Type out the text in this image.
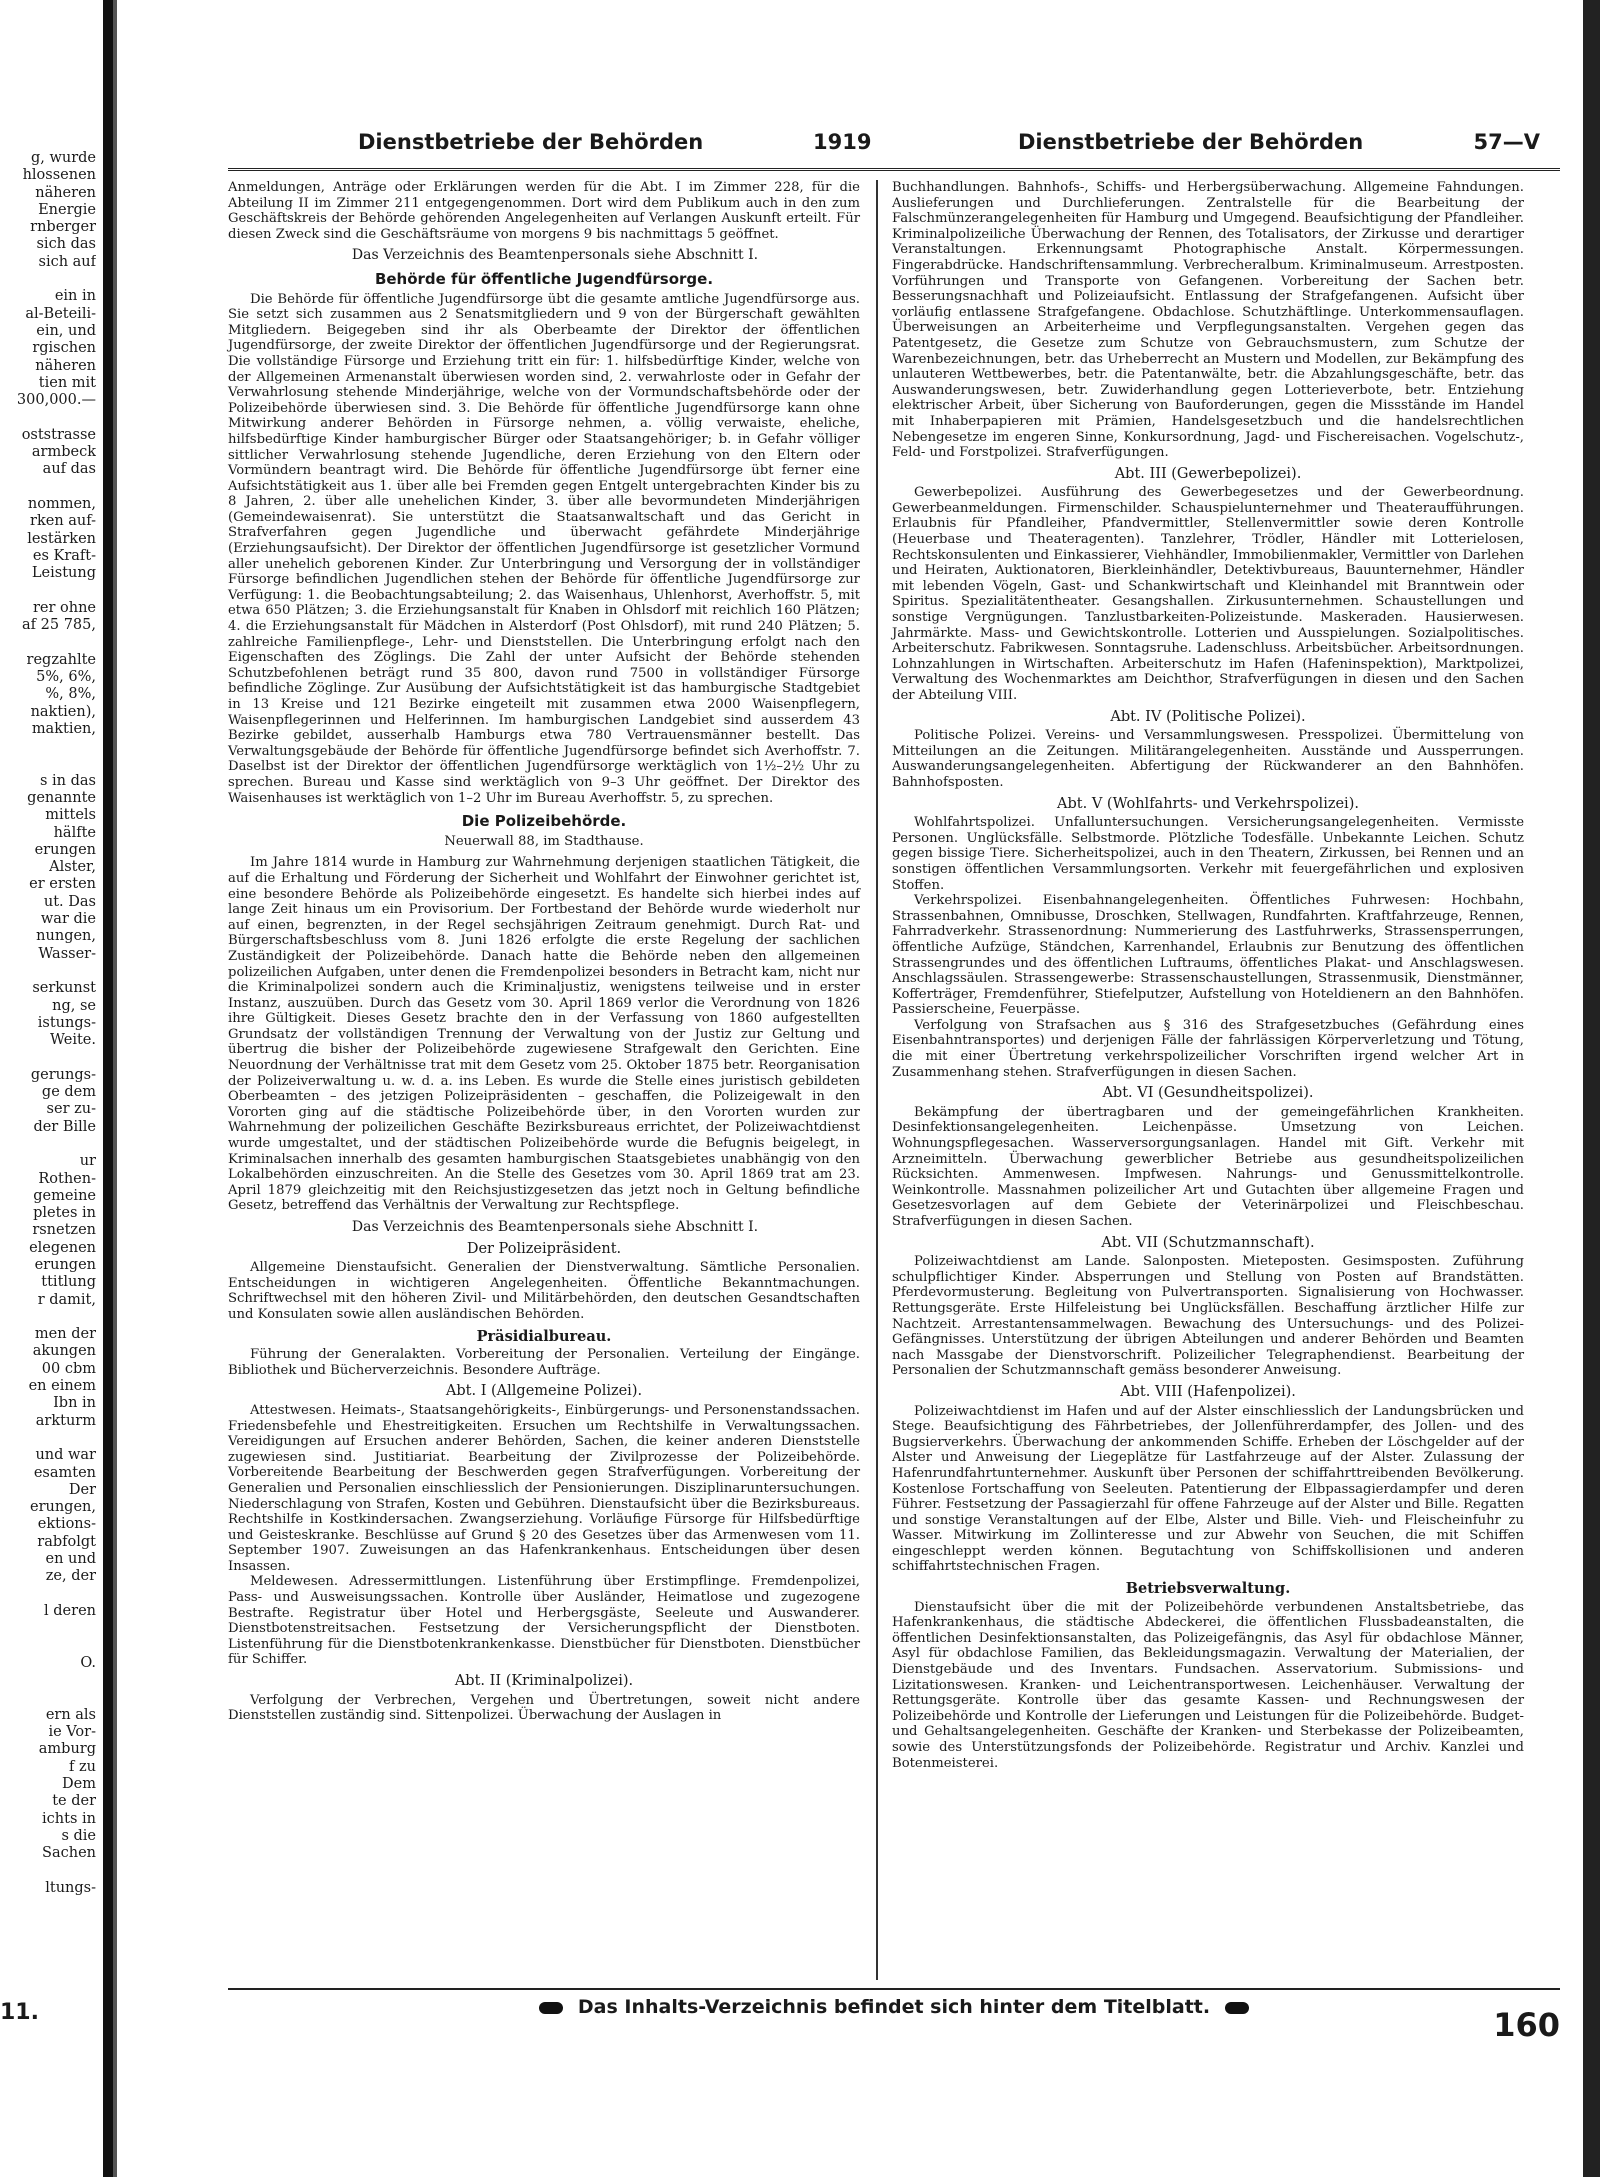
g, wurde
hlossenen
näheren
Energie
rnberger
sich das
sich auf

ein in
al-Beteili-
ein, und
rgischen
näheren
tien mit
300,000.—

oststrasse
armbeck
auf das

nommen,
rken auf-
lestärken
es Kraft-
Leistung

rer ohne
af 25 785,

regzahlte
5%, 6%,
%, 8%,
naktien),
maktien,

s in das
genannte
mittels
hälfte
erungen
Alster,
er ersten
ut. Das
war die
nungen,
Wasser-

serkunst
ng, se
istungs-
Weite.

gerungs-
ge dem
ser zu-
der Bille

ur
Rothen-
gemeine
pletes in
rsnetzen
elegenen
erungen
ttitlung
r damit,

men der
akungen
00 cbm
en einem
Ibn in
arkturm

und war
esamten
Der
erungen,
ektions-
rabfolgt
en und
ze, der

l deren

O.

ern als
ie Vor-
amburg
f zu
Dem
te der
ichts in
s die
Sachen

ltungs-
11.
Dienstbetriebe der Behörden	1919	Dienstbetriebe der Behörden	57—V

Anmeldungen, Anträge oder Erklärungen werden für die Abt. I im Zimmer 228, für die Abteilung II im Zimmer 211 entgegengenommen. Dort wird dem Publikum auch in den zum Geschäftskreis der Behörde gehörenden Angelegenheiten auf Verlangen Auskunft erteilt. Für diesen Zweck sind die Geschäftsräume von morgens 9 bis nachmittags 5 geöffnet.

Das Verzeichnis des Beamtenpersonals siehe Abschnitt I.

Behörde für öffentliche Jugendfürsorge.

Die Behörde für öffentliche Jugendfürsorge übt die gesamte amtliche Jugendfürsorge aus. Sie setzt sich zusammen aus 2 Senatsmitgliedern und 9 von der Bürgerschaft gewählten Mitgliedern. Beigegeben sind ihr als Oberbeamte der Direktor der öffentlichen Jugendfürsorge, der zweite Direktor der öffentlichen Jugendfürsorge und der Regierungsrat. Die vollständige Fürsorge und Erziehung tritt ein für: 1. hilfsbedürftige Kinder, welche von der Allgemeinen Armenanstalt überwiesen worden sind, 2. verwahrloste oder in Gefahr der Verwahrlosung stehende Minderjährige, welche von der Vormundschaftsbehörde oder der Polizeibehörde überwiesen sind. 3. Die Behörde für öffentliche Jugendfürsorge kann ohne Mitwirkung anderer Behörden in Fürsorge nehmen, a. völlig verwaiste, eheliche, hilfsbedürftige Kinder hamburgischer Bürger oder Staatsangehöriger; b. in Gefahr völliger sittlicher Verwahrlosung stehende Jugendliche, deren Erziehung von den Eltern oder Vormündern beantragt wird. Die Behörde für öffentliche Jugendfürsorge übt ferner eine Aufsichtstätigkeit aus 1. über alle bei Fremden gegen Entgelt untergebrachten Kinder bis zu 8 Jahren, 2. über alle unehelichen Kinder, 3. über alle bevormundeten Minderjährigen (Gemeindewaisenrat). Sie unterstützt die Staatsanwaltschaft und das Gericht in Strafverfahren gegen Jugendliche und überwacht gefährdete Minderjährige (Erziehungsaufsicht). Der Direktor der öffentlichen Jugendfürsorge ist gesetzlicher Vormund aller unehelich geborenen Kinder. Zur Unterbringung und Versorgung der in vollständiger Fürsorge befindlichen Jugendlichen stehen der Behörde für öffentliche Jugendfürsorge zur Verfügung: 1. die Beobachtungsabteilung; 2. das Waisenhaus, Uhlenhorst, Averhoffstr. 5, mit etwa 650 Plätzen; 3. die Erziehungsanstalt für Knaben in Ohlsdorf mit reichlich 160 Plätzen; 4. die Erziehungsanstalt für Mädchen in Alsterdorf (Post Ohlsdorf), mit rund 240 Plätzen; 5. zahlreiche Familienpflege-, Lehr- und Dienststellen. Die Unterbringung erfolgt nach den Eigenschaften des Zöglings. Die Zahl der unter Aufsicht der Behörde stehenden Schutzbefohlenen beträgt rund 35 800, davon rund 7500 in vollständiger Fürsorge befindliche Zöglinge. Zur Ausübung der Aufsichtstätigkeit ist das hamburgische Stadtgebiet in 13 Kreise und 121 Bezirke eingeteilt mit zusammen etwa 2000 Waisenpflegern, Waisenpflegerinnen und Helferinnen. Im hamburgischen Landgebiet sind ausserdem 43 Bezirke gebildet, ausserhalb Hamburgs etwa 780 Vertrauensmänner bestellt. Das Verwaltungsgebäude der Behörde für öffentliche Jugendfürsorge befindet sich Averhoffstr. 7. Daselbst ist der Direktor der öffentlichen Jugendfürsorge werktäglich von 1½–2½ Uhr zu sprechen. Bureau und Kasse sind werktäglich von 9–3 Uhr geöffnet. Der Direktor des Waisenhauses ist werktäglich von 1–2 Uhr im Bureau Averhoffstr. 5, zu sprechen.

Die Polizeibehörde.

Neuerwall 88, im Stadthause.

Im Jahre 1814 wurde in Hamburg zur Wahrnehmung derjenigen staatlichen Tätigkeit, die auf die Erhaltung und Förderung der Sicherheit und Wohlfahrt der Einwohner gerichtet ist, eine besondere Behörde als Polizeibehörde eingesetzt. Es handelte sich hierbei indes auf lange Zeit hinaus um ein Provisorium. Der Fortbestand der Behörde wurde wiederholt nur auf einen, begrenzten, in der Regel sechsjährigen Zeitraum genehmigt. Durch Rat- und Bürgerschaftsbeschluss vom 8. Juni 1826 erfolgte die erste Regelung der sachlichen Zuständigkeit der Polizeibehörde. Danach hatte die Behörde neben den allgemeinen polizeilichen Aufgaben, unter denen die Fremdenpolizei besonders in Betracht kam, nicht nur die Kriminalpolizei sondern auch die Kriminaljustiz, wenigstens teilweise und in erster Instanz, auszuüben. Durch das Gesetz vom 30. April 1869 verlor die Verordnung von 1826 ihre Gültigkeit. Dieses Gesetz brachte den in der Verfassung von 1860 aufgestellten Grundsatz der vollständigen Trennung der Verwaltung von der Justiz zur Geltung und übertrug die bisher der Polizeibehörde zugewiesene Strafgewalt den Gerichten. Eine Neuordnung der Verhältnisse trat mit dem Gesetz vom 25. Oktober 1875 betr. Reorganisation der Polizeiverwaltung u. w. d. a. ins Leben. Es wurde die Stelle eines juristisch gebildeten Oberbeamten – des jetzigen Polizeipräsidenten – geschaffen, die Polizeigewalt in den Vororten ging auf die städtische Polizeibehörde über, in den Vororten wurden zur Wahrnehmung der polizeilichen Geschäfte Bezirksbureaus errichtet, der Polizeiwachtdienst wurde umgestaltet, und der städtischen Polizeibehörde wurde die Befugnis beigelegt, in Kriminalsachen innerhalb des gesamten hamburgischen Staatsgebietes unabhängig von den Lokalbehörden einzuschreiten. An die Stelle des Gesetzes vom 30. April 1869 trat am 23. April 1879 gleichzeitig mit den Reichsjustizgesetzen das jetzt noch in Geltung befindliche Gesetz, betreffend das Verhältnis der Verwaltung zur Rechtspflege.

Das Verzeichnis des Beamtenpersonals siehe Abschnitt I.

Der Polizeipräsident.

Allgemeine Dienstaufsicht. Generalien der Dienstverwaltung. Sämtliche Personalien. Entscheidungen in wichtigeren Angelegenheiten. Öffentliche Bekanntmachungen. Schriftwechsel mit den höheren Zivil- und Militärbehörden, den deutschen Gesandtschaften und Konsulaten sowie allen ausländischen Behörden.

Präsidialbureau.

Führung der Generalakten. Vorbereitung der Personalien. Verteilung der Eingänge. Bibliothek und Bücherverzeichnis. Besondere Aufträge.

Abt. I (Allgemeine Polizei).

Attestwesen. Heimats-, Staatsangehörigkeits-, Einbürgerungs- und Personenstandssachen. Friedensbefehle und Ehestreitigkeiten. Ersuchen um Rechtshilfe in Verwaltungssachen. Vereidigungen auf Ersuchen anderer Behörden, Sachen, die keiner anderen Dienststelle zugewiesen sind. Justitiariat. Bearbeitung der Zivilprozesse der Polizeibehörde. Vorbereitende Bearbeitung der Beschwerden gegen Strafverfügungen. Vorbereitung der Generalien und Personalien einschliesslich der Pensionierungen. Disziplinaruntersuchungen. Niederschlagung von Strafen, Kosten und Gebühren. Dienstaufsicht über die Bezirksbureaus. Rechtshilfe in Kostkindersachen. Zwangserziehung. Vorläufige Fürsorge für Hilfsbedürftige und Geisteskranke. Beschlüsse auf Grund § 20 des Gesetzes über das Armenwesen vom 11. September 1907. Zuweisungen an das Hafenkrankenhaus. Entscheidungen über desen Insassen.

Meldewesen. Adressermittlungen. Listenführung über Erstimpflinge. Fremdenpolizei, Pass- und Ausweisungssachen. Kontrolle über Ausländer, Heimatlose und zugezogene Bestrafte. Registratur über Hotel und Herbergsgäste, Seeleute und Auswanderer. Dienstbotenstreitsachen. Festsetzung der Versicherungspflicht der Dienstboten. Listenführung für die Dienstbotenkrankenkasse. Dienstbücher für Dienstboten. Dienstbücher für Schiffer.

Abt. II (Kriminalpolizei).

Verfolgung der Verbrechen, Vergehen und Übertretungen, soweit nicht andere Dienststellen zuständig sind. Sittenpolizei. Überwachung der Auslagen in

Buchhandlungen. Bahnhofs-, Schiffs- und Herbergsüberwachung. Allgemeine Fahndungen. Auslieferungen und Durchlieferungen. Zentralstelle für die Bearbeitung der Falschmünzerangelegenheiten für Hamburg und Umgegend. Beaufsichtigung der Pfandleiher. Kriminalpolizeiliche Überwachung der Rennen, des Totalisators, der Zirkusse und derartiger Veranstaltungen. Erkennungsamt Photographische Anstalt. Körpermessungen. Fingerabdrücke. Handschriftensammlung. Verbrecheralbum. Kriminalmuseum. Arrestposten. Vorführungen und Transporte von Gefangenen. Vorbereitung der Sachen betr. Besserungsnachhaft und Polizeiaufsicht. Entlassung der Strafgefangenen. Aufsicht über vorläufig entlassene Strafgefangene. Obdachlose. Schutzhäftlinge. Unterkommensauflagen. Überweisungen an Arbeiterheime und Verpflegungsanstalten. Vergehen gegen das Patentgesetz, die Gesetze zum Schutze von Gebrauchsmustern, zum Schutze der Warenbezeichnungen, betr. das Urheberrecht an Mustern und Modellen, zur Bekämpfung des unlauteren Wettbewerbes, betr. die Patentanwälte, betr. die Abzahlungsgeschäfte, betr. das Auswanderungswesen, betr. Zuwiderhandlung gegen Lotterieverbote, betr. Entziehung elektrischer Arbeit, über Sicherung von Bauforderungen, gegen die Missstände im Handel mit Inhaberpapieren mit Prämien, Handelsgesetzbuch und die handelsrechtlichen Nebengesetze im engeren Sinne, Konkursordnung, Jagd- und Fischereisachen. Vogelschutz-, Feld- und Forstpolizei. Strafverfügungen.

Abt. III (Gewerbepolizei).

Gewerbepolizei. Ausführung des Gewerbegesetzes und der Gewerbeordnung. Gewerbeanmeldungen. Firmenschilder. Schauspielunternehmer und Theateraufführungen. Erlaubnis für Pfandleiher, Pfandvermittler, Stellenvermittler sowie deren Kontrolle (Heuerbase und Theateragenten). Tanzlehrer, Trödler, Händler mit Lotterielosen, Rechtskonsulenten und Einkassierer, Viehhändler, Immobilienmakler, Vermittler von Darlehen und Heiraten, Auktionatoren, Bierkleinhändler, Detektivbureaus, Bauunternehmer, Händler mit lebenden Vögeln, Gast- und Schankwirtschaft und Kleinhandel mit Branntwein oder Spiritus. Spezialitätentheater. Gesangshallen. Zirkusunternehmen. Schaustellungen und sonstige Vergnügungen. Tanzlustbarkeiten-Polizeistunde. Maskeraden. Hausierwesen. Jahrmärkte. Mass- und Gewichtskontrolle. Lotterien und Ausspielungen. Sozialpolitisches. Arbeiterschutz. Fabrikwesen. Sonntagsruhe. Ladenschluss. Arbeitsbücher. Arbeitsordnungen. Lohnzahlungen in Wirtschaften. Arbeiterschutz im Hafen (Hafeninspektion), Marktpolizei, Verwaltung des Wochenmarktes am Deichthor, Strafverfügungen in diesen und den Sachen der Abteilung VIII.

Abt. IV (Politische Polizei).

Politische Polizei. Vereins- und Versammlungswesen. Presspolizei. Übermittelung von Mitteilungen an die Zeitungen. Militärangelegenheiten. Ausstände und Aussperrungen. Auswanderungsangelegenheiten. Abfertigung der Rückwanderer an den Bahnhöfen. Bahnhofsposten.

Abt. V (Wohlfahrts- und Verkehrspolizei).

Wohlfahrtspolizei. Unfalluntersuchungen. Versicherungsangelegenheiten. Vermisste Personen. Unglücksfälle. Selbstmorde. Plötzliche Todesfälle. Unbekannte Leichen. Schutz gegen bissige Tiere. Sicherheitspolizei, auch in den Theatern, Zirkussen, bei Rennen und an sonstigen öffentlichen Versammlungsorten. Verkehr mit feuergefährlichen und explosiven Stoffen.

Verkehrspolizei. Eisenbahnangelegenheiten. Öffentliches Fuhrwesen: Hochbahn, Strassenbahnen, Omnibusse, Droschken, Stellwagen, Rundfahrten. Kraftfahrzeuge, Rennen, Fahrradverkehr. Strassenordnung: Nummerierung des Lastfuhrwerks, Strassensperrungen, öffentliche Aufzüge, Ständchen, Karrenhandel, Erlaubnis zur Benutzung des öffentlichen Strassengrundes und des öffentlichen Luftraums, öffentliches Plakat- und Anschlagswesen. Anschlagssäulen. Strassengewerbe: Strassenschaustellungen, Strassenmusik, Dienstmänner, Kofferträger, Fremdenführer, Stiefelputzer, Aufstellung von Hoteldienern an den Bahnhöfen. Passierscheine, Feuerpässe.

Verfolgung von Strafsachen aus § 316 des Strafgesetzbuches (Gefährdung eines Eisenbahntransportes) und derjenigen Fälle der fahrlässigen Körperverletzung und Tötung, die mit einer Übertretung verkehrspolizeilicher Vorschriften irgend welcher Art in Zusammenhang stehen. Strafverfügungen in diesen Sachen.

Abt. VI (Gesundheitspolizei).

Bekämpfung der übertragbaren und der gemeingefährlichen Krankheiten. Desinfektionsangelegenheiten. Leichenpässe. Umsetzung von Leichen. Wohnungspflegesachen. Wasserversorgungsanlagen. Handel mit Gift. Verkehr mit Arzneimitteln. Überwachung gewerblicher Betriebe aus gesundheitspolizeilichen Rücksichten. Ammenwesen. Impfwesen. Nahrungs- und Genussmittelkontrolle. Weinkontrolle. Massnahmen polizeilicher Art und Gutachten über allgemeine Fragen und Gesetzesvorlagen auf dem Gebiete der Veterinärpolizei und Fleischbeschau. Strafverfügungen in diesen Sachen.

Abt. VII (Schutzmannschaft).

Polizeiwachtdienst am Lande. Salonposten. Mieteposten. Gesimsposten. Zuführung schulpflichtiger Kinder. Absperrungen und Stellung von Posten auf Brandstätten. Pferdevormusterung. Begleitung von Pulvertransporten. Signalisierung von Hochwasser. Rettungsgeräte. Erste Hilfeleistung bei Unglücksfällen. Beschaffung ärztlicher Hilfe zur Nachtzeit. Arrestantensammelwagen. Bewachung des Untersuchungs- und des Polizei-Gefängnisses. Unterstützung der übrigen Abteilungen und anderer Behörden und Beamten nach Massgabe der Dienstvorschrift. Polizeilicher Telegraphendienst. Bearbeitung der Personalien der Schutzmannschaft gemäss besonderer Anweisung.

Abt. VIII (Hafenpolizei).

Polizeiwachtdienst im Hafen und auf der Alster einschliesslich der Landungsbrücken und Stege. Beaufsichtigung des Fährbetriebes, der Jollenführerdampfer, des Jollen- und des Bugsierverkehrs. Überwachung der ankommenden Schiffe. Erheben der Löschgelder auf der Alster und Anweisung der Liegeplätze für Lastfahrzeuge auf der Alster. Zulassung der Hafenrundfahrtunternehmer. Auskunft über Personen der schiffahrttreibenden Bevölkerung. Kostenlose Fortschaffung von Seeleuten. Patentierung der Elbpassagierdampfer und deren Führer. Festsetzung der Passagierzahl für offene Fahrzeuge auf der Alster und Bille. Regatten und sonstige Veranstaltungen auf der Elbe, Alster und Bille. Vieh- und Fleischeinfuhr zu Wasser. Mitwirkung im Zollinteresse und zur Abwehr von Seuchen, die mit Schiffen eingeschleppt werden können. Begutachtung von Schiffskollisionen und anderen schiffahrtstechnischen Fragen.

Betriebsverwaltung.

Dienstaufsicht über die mit der Polizeibehörde verbundenen Anstaltsbetriebe, das Hafenkrankenhaus, die städtische Abdeckerei, die öffentlichen Flussbadeanstalten, die öffentlichen Desinfektionsanstalten, das Polizeigefängnis, das Asyl für obdachlose Männer, Asyl für obdachlose Familien, das Bekleidungsmagazin. Verwaltung der Materialien, der Dienstgebäude und des Inventars. Fundsachen. Asservatorium. Submissions- und Lizitationswesen. Kranken- und Leichentransportwesen. Leichenhäuser. Verwaltung der Rettungsgeräte. Kontrolle über das gesamte Kassen- und Rechnungswesen der Polizeibehörde und Kontrolle der Lieferungen und Leistungen für die Polizeibehörde. Budget- und Gehaltsangelegenheiten. Geschäfte der Kranken- und Sterbekasse der Polizeibeamten, sowie des Unterstützungsfonds der Polizeibehörde. Registratur und Archiv. Kanzlei und Botenmeisterei.

Das Inhalts-Verzeichnis befindet sich hinter dem Titelblatt.	160
